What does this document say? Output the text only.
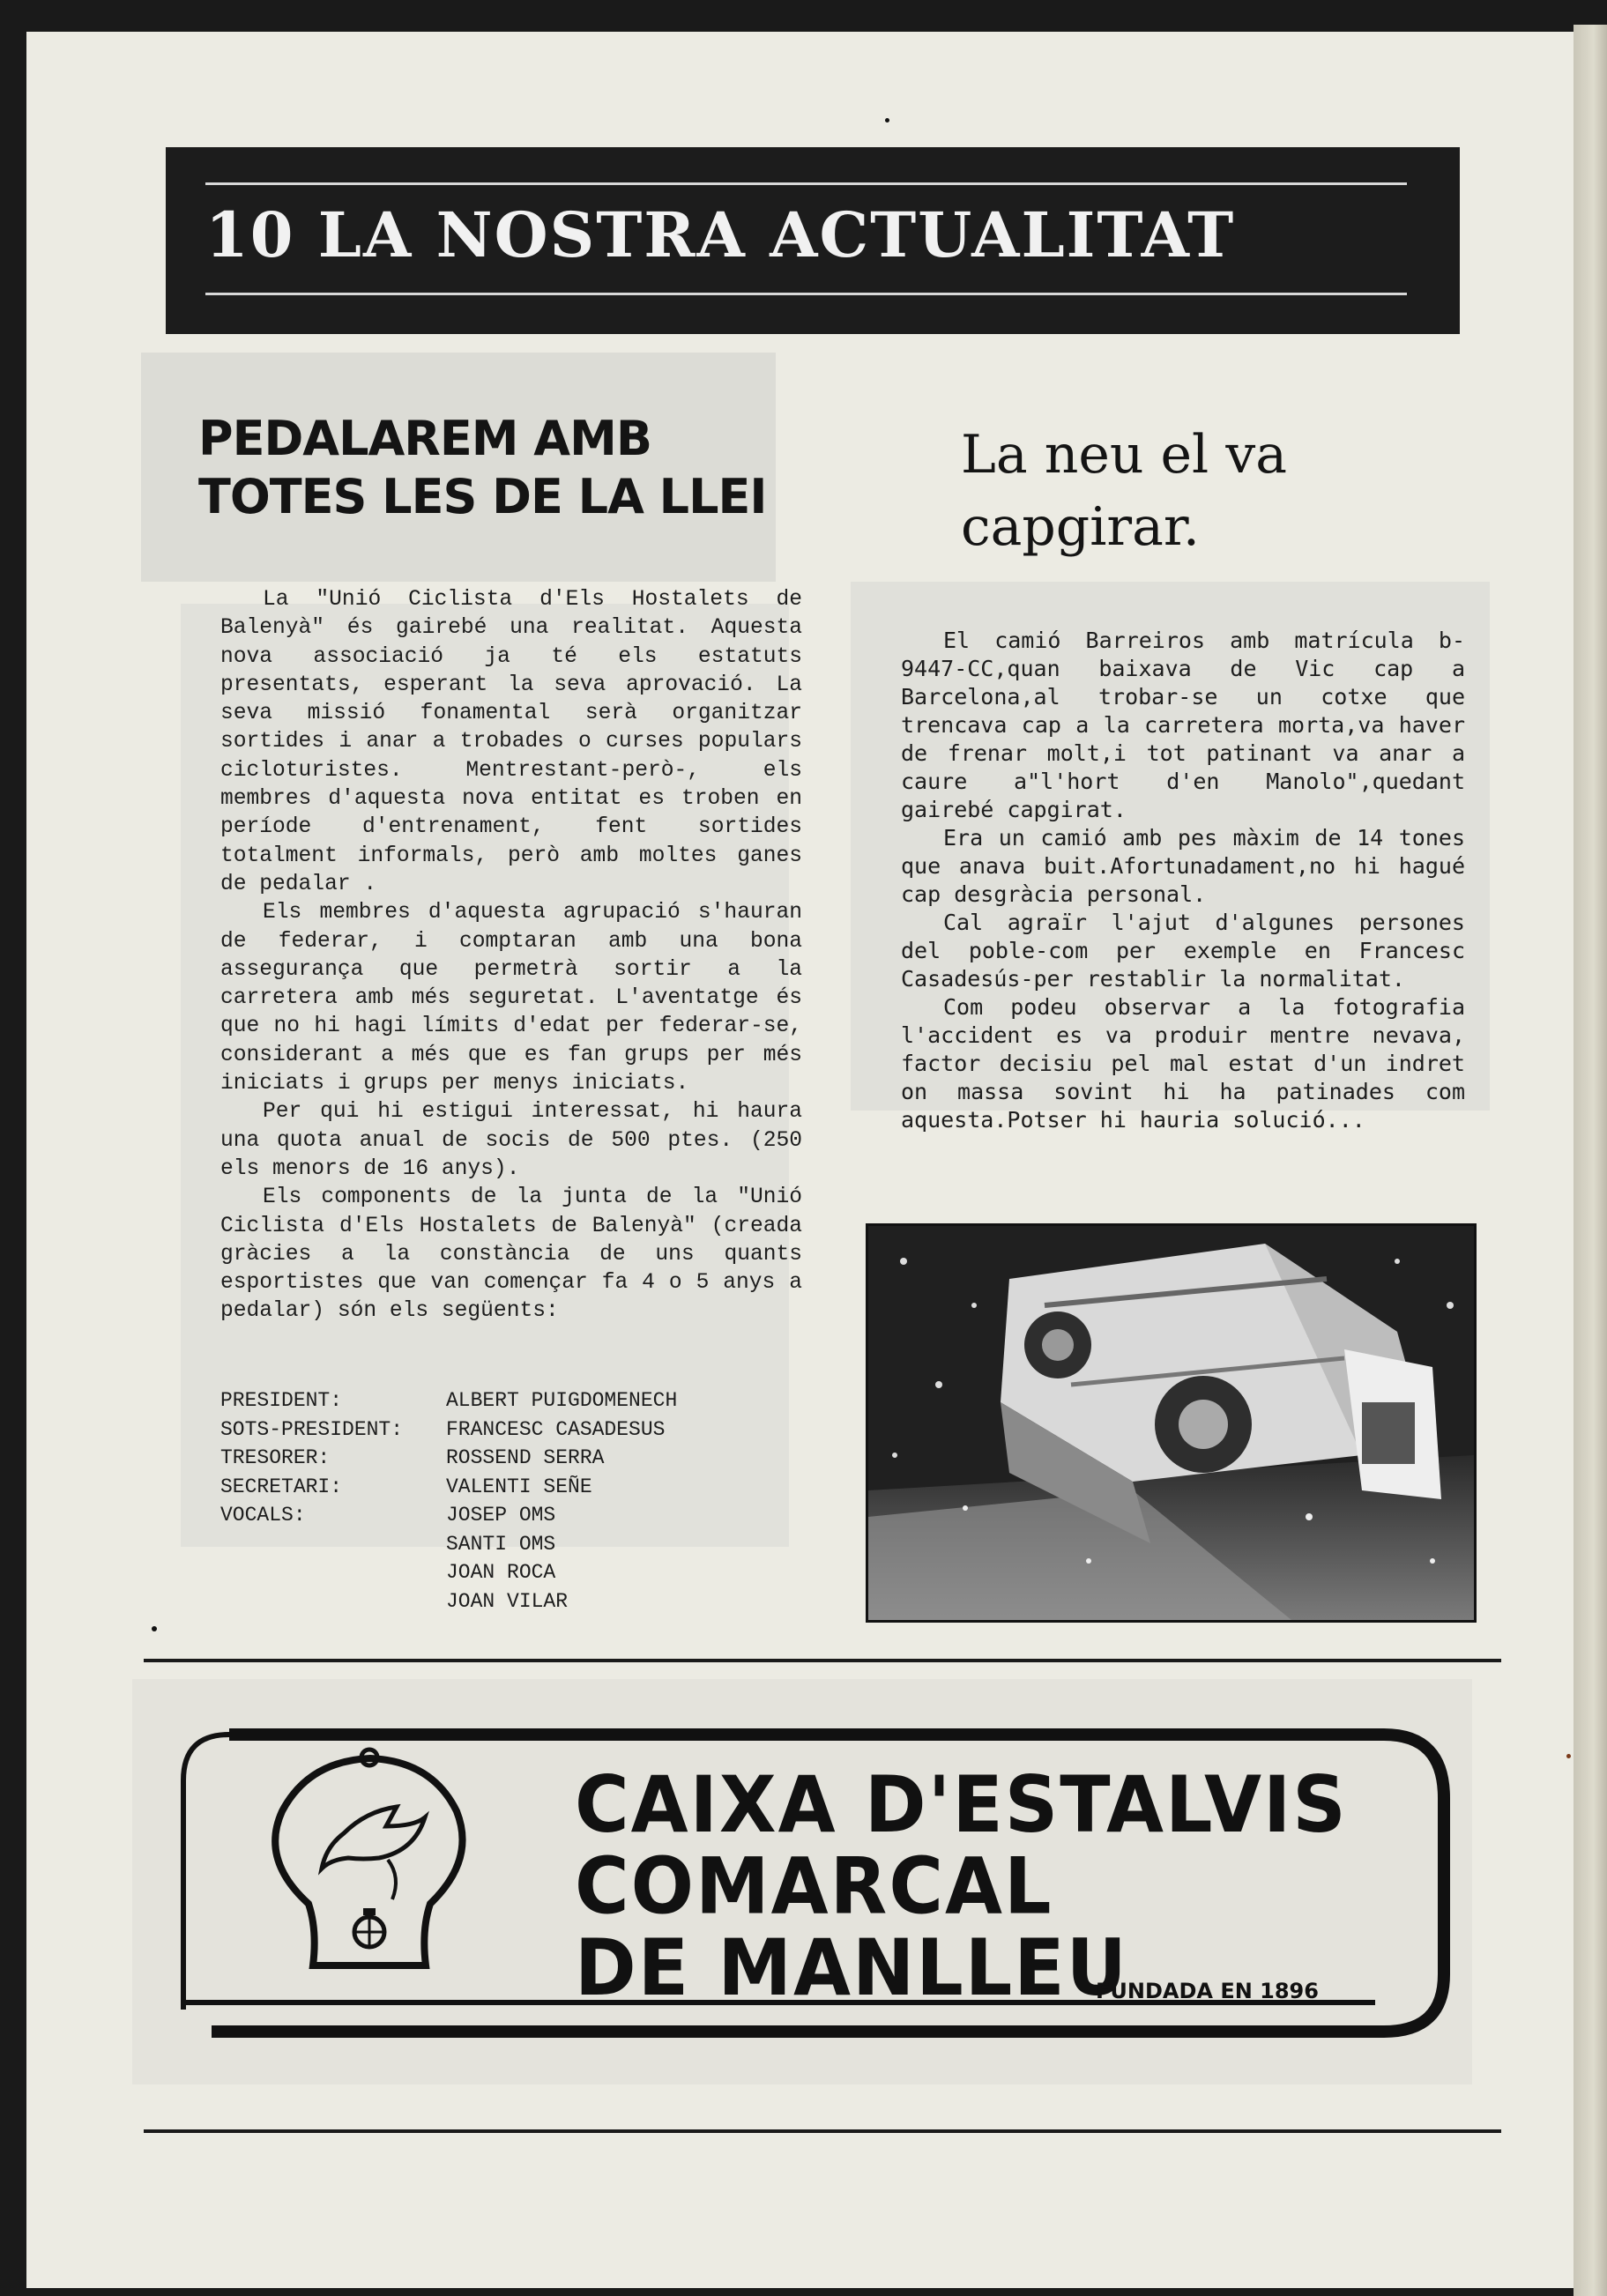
10 LA NOSTRA ACTUALITAT
PEDALAREM AMB TOTES LES DE LA LLEI
La neu el va capgirar.

La "Unió Ciclista d'Els Hostalets de Balenyà" és gairebé una realitat. Aquesta nova associació ja té els estatuts presentats, esperant la seva aprovació. La seva missió fonamental serà organitzar sortides i anar a trobades o curses populars cicloturistes. Mentrestant-però-, els membres d'aquesta nova entitat es troben en període d'entrenament, fent sortides totalment informals, però amb moltes ganes de pedalar .

Els membres d'aquesta agrupació s'hauran de federar, i comptaran amb una bona assegurança que permetrà sortir a la carretera amb més seguretat. L'aventatge és que no hi hagi límits d'edat per federar-se, considerant a més que es fan grups per més iniciats i grups per menys iniciats.

Per qui hi estigui interessat, hi haura una quota anual de socis de 500 ptes. (250 els menors de 16 anys).

Els components de la junta de la "Unió Ciclista d'Els Hostalets de Balenyà" (creada gràcies a la constància de uns quants esportistes que van començar fa 4 o 5 anys a pedalar) són els següents:

PRESIDENT:	ALBERT PUIGDOMENECH
SOTS-PRESIDENT:	FRANCESC CASADESUS
TRESORER:	ROSSEND SERRA
SECRETARI:	VALENTI SEÑE
VOCALS:	JOSEP OMS
SANTI OMS
JOAN ROCA
JOAN VILAR

El camió Barreiros amb matrícula b-9447-CC,quan baixava de Vic cap a Barcelona,al trobar-se un cotxe que trencava cap a la carretera morta,va haver de frenar molt,i tot patinant va anar a caure a"l'hort d'en Manolo",quedant gairebé capgirat.

Era un camió amb pes màxim de 14 tones que anava buit.Afortunadament,no hi hagué cap desgràcia personal.

Cal agraïr l'ajut d'algunes persones del poble-com per exemple en Francesc Casadesús-per restablir la normalitat.

Com podeu observar a la fotografia l'accident es va produir mentre nevava, factor decisiu pel mal estat d'un indret on massa sovint hi ha patinades com aquesta.Potser hi hauria solució...

CAIXA D'ESTALVIS
COMARCAL
DE MANLLEU
FUNDADA EN 1896
